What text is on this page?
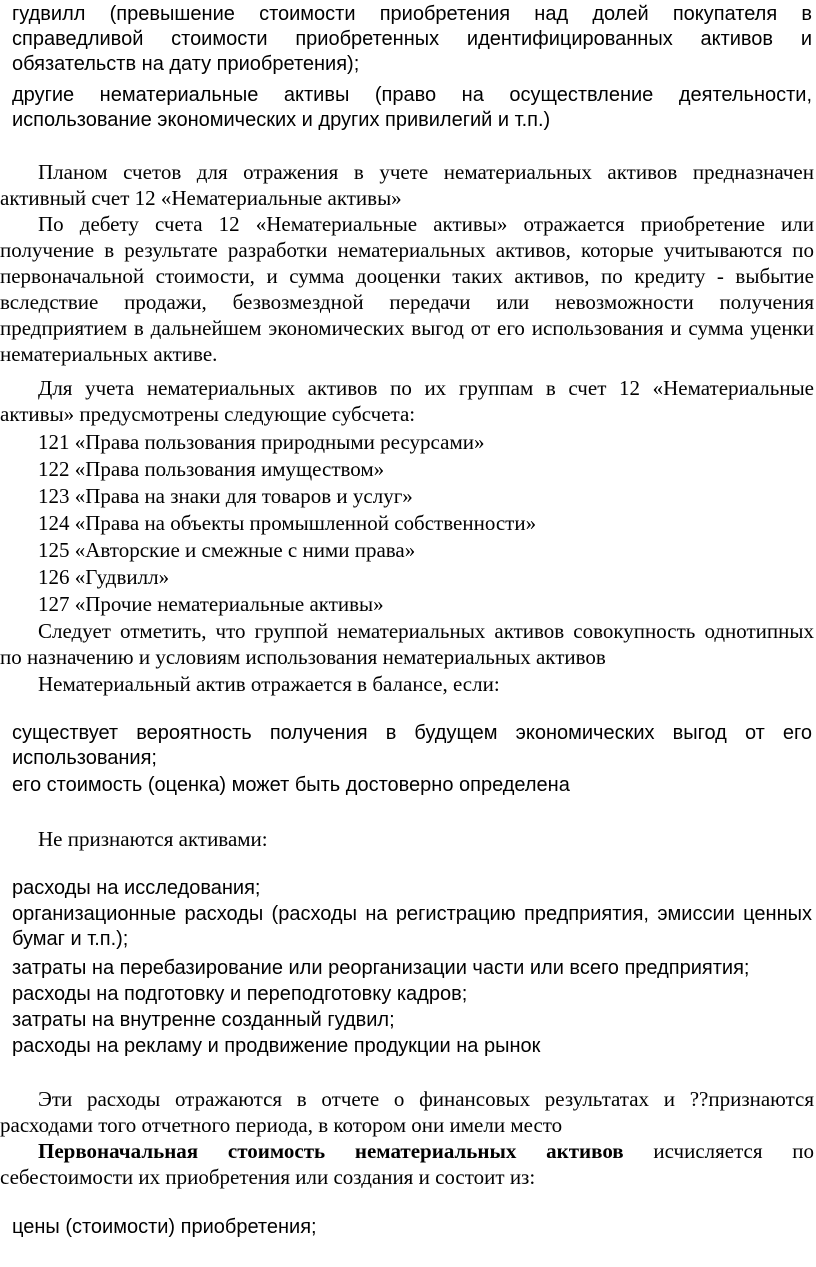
гудвилл (превышение стоимости приобретения над долей покупателя в справедливой стоимости приобретенных идентифицированных активов и обязательств на дату приобретения);

другие нематериальные активы (право на осуществление деятельности, использование экономических и других привилегий и т.п.)

Планом счетов для отражения в учете нематериальных активов предназначен активный счет 12 «Нематериальные активы»

По дебету счета 12 «Нематериальные активы» отражается приобретение или получение в результате разработки нематериальных активов, которые учитываются по первоначальной стоимости, и сумма дооценки таких активов, по кредиту - выбытие вследствие продажи, безвозмездной передачи или невозможности получения предприятием в дальнейшем экономических выгод от его использования и сумма уценки нематериальных активе.

Для учета нематериальных активов по их группам в счет 12 «Нематериальные активы» предусмотрены следующие субсчета:

121 «Права пользования природными ресурсами»

122 «Права пользования имуществом»

123 «Права на знаки для товаров и услуг»

124 «Права на объекты промышленной собственности»

125 «Авторские и смежные с ними права»

126 «Гудвилл»

127 «Прочие нематериальные активы»

Следует отметить, что группой нематериальных активов совокупность однотипных по назначению и условиям использования нематериальных активов

Нематериальный актив отражается в балансе, если:

существует вероятность получения в будущем экономических выгод от его использования;

его стоимость (оценка) может быть достоверно определена

Не признаются активами:

расходы на исследования;

организационные расходы (расходы на регистрацию предприятия, эмиссии ценных бумаг и т.п.);

затраты на перебазирование или реорганизации части или всего предприятия;

расходы на подготовку и переподготовку кадров;

затраты на внутренне созданный гудвил;

расходы на рекламу и продвижение продукции на рынок

Эти расходы отражаются в отчете о финансовых результатах и ??признаются расходами того отчетного периода, в котором они имели место

Первоначальная стоимость нематериальных активов исчисляется по себестоимости их приобретения или создания и состоит из:

цены (стоимости) приобретения;
